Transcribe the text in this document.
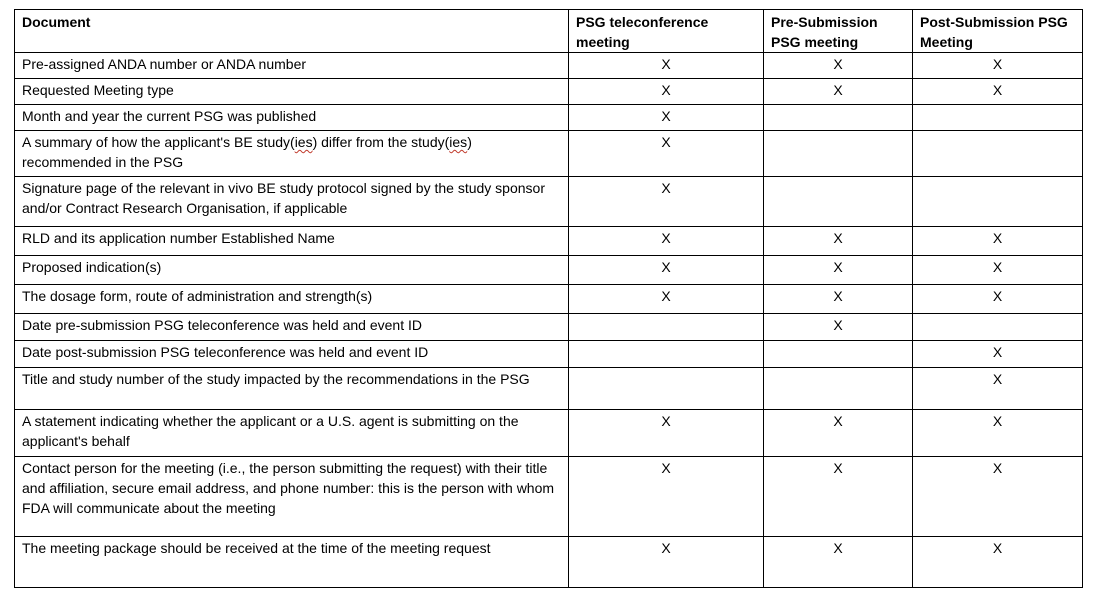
Document	PSG teleconference meeting	Pre-Submission PSG meeting	Post-Submission PSG Meeting
Pre-assigned ANDA number or ANDA number	X	X	X
Requested Meeting type	X	X	X
Month and year the current PSG was published	X		
A summary of how the applicant's BE study(ies) differ from the study(ies) recommended in the PSG	X		
Signature page of the relevant in vivo BE study protocol signed by the study sponsor and/or Contract Research Organisation, if applicable	X		
RLD and its application number Established Name	X	X	X
Proposed indication(s)	X	X	X
The dosage form, route of administration and strength(s)	X	X	X
Date pre-submission PSG teleconference was held and event ID		X	
Date post-submission PSG teleconference was held and event ID			X
Title and study number of the study impacted by the recommendations in the PSG			X
A statement indicating whether the applicant or a U.S. agent is submitting on the applicant's behalf	X	X	X
Contact person for the meeting (i.e., the person submitting the request) with their title and affiliation, secure email address, and phone number: this is the person with whom FDA will communicate about the meeting	X	X	X
The meeting package should be received at the time of the meeting request	X	X	X
